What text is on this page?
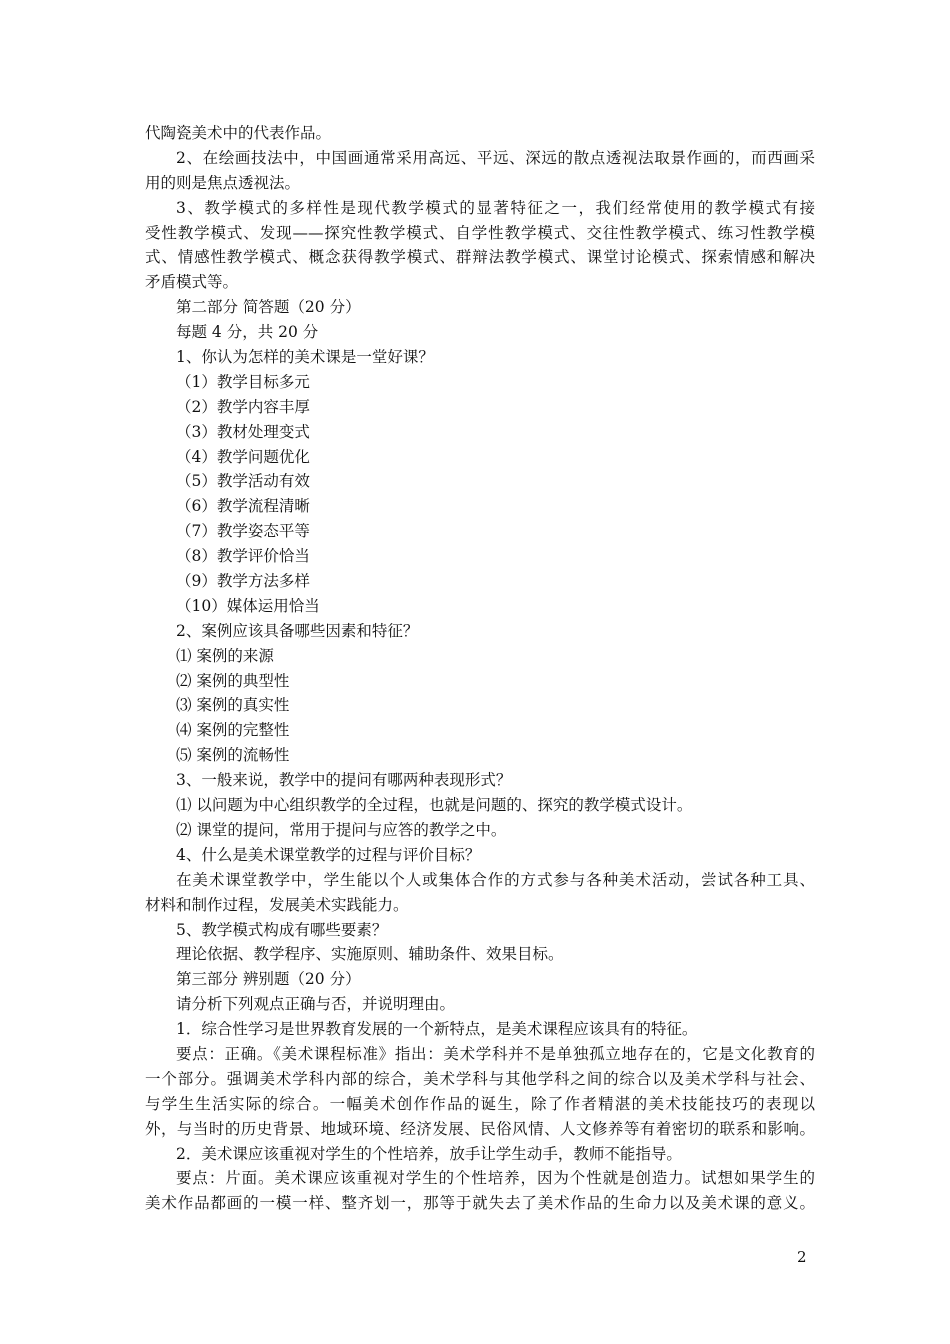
代陶瓷美术中的代表作品。
2、在绘画技法中，中国画通常采用高远、平远、深远的散点透视法取景作画的，而西画采
用的则是焦点透视法。
3、教学模式的多样性是现代教学模式的显著特征之一，我们经常使用的教学模式有接
受性教学模式、发现——探究性教学模式、自学性教学模式、交往性教学模式、练习性教学模
式、情感性教学模式、概念获得教学模式、群辩法教学模式、课堂讨论模式、探索情感和解决
矛盾模式等。
第二部分 简答题（20 分）
每题 4 分，共 20 分
1、你认为怎样的美术课是一堂好课？
（1）教学目标多元
（2）教学内容丰厚
（3）教材处理变式
（4）教学问题优化
（5）教学活动有效
（6）教学流程清晰
（7）教学姿态平等
（8）教学评价恰当
（9）教学方法多样
（10）媒体运用恰当
2、案例应该具备哪些因素和特征？
⑴ 案例的来源
⑵ 案例的典型性
⑶ 案例的真实性
⑷ 案例的完整性
⑸ 案例的流畅性
3、一般来说，教学中的提问有哪两种表现形式？
⑴ 以问题为中心组织教学的全过程，也就是问题的、探究的教学模式设计。
⑵ 课堂的提问，常用于提问与应答的教学之中。
4、什么是美术课堂教学的过程与评价目标？
在美术课堂教学中，学生能以个人或集体合作的方式参与各种美术活动，尝试各种工具、
材料和制作过程，发展美术实践能力。
5、教学模式构成有哪些要素？
理论依据、教学程序、实施原则、辅助条件、效果目标。
第三部分 辨别题（20 分）
请分析下列观点正确与否，并说明理由。
1．综合性学习是世界教育发展的一个新特点，是美术课程应该具有的特征。
要点：正确。《美术课程标准》指出：美术学科并不是单独孤立地存在的，它是文化教育的
一个部分。强调美术学科内部的综合，美术学科与其他学科之间的综合以及美术学科与社会、
与学生生活实际的综合。一幅美术创作作品的诞生，除了作者精湛的美术技能技巧的表现以
外，与当时的历史背景、地域环境、经济发展、民俗风情、人文修养等有着密切的联系和影响。
2．美术课应该重视对学生的个性培养，放手让学生动手，教师不能指导。
要点：片面。美术课应该重视对学生的个性培养，因为个性就是创造力。试想如果学生的
美术作品都画的一模一样、整齐划一，那等于就失去了美术作品的生命力以及美术课的意义。
2
